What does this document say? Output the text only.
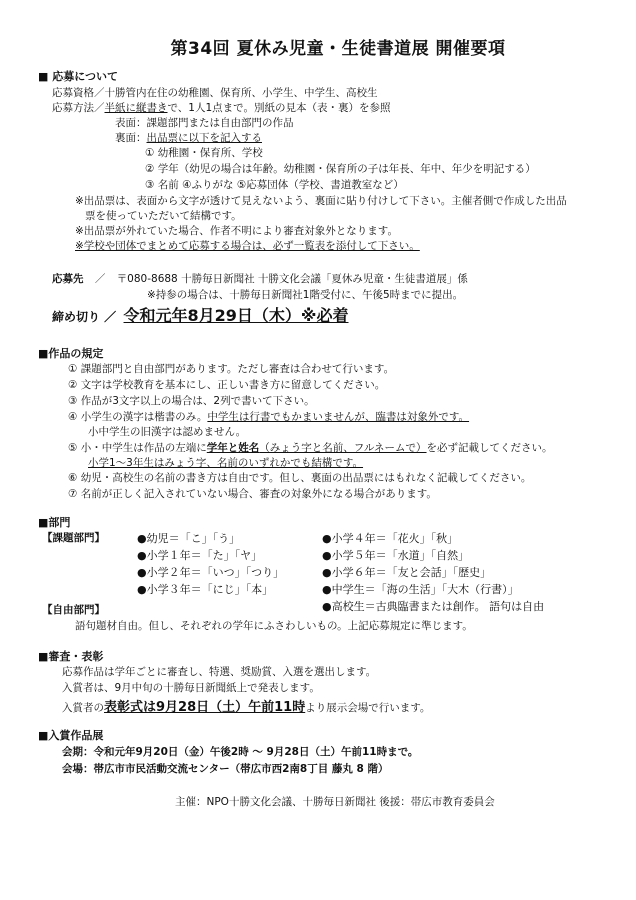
第34回 夏休み児童・生徒書道展 開催要項
■ 応募について
応募資格／十勝管内在住の幼稚園、保育所、小学生、中学生、高校生
応募方法／半紙に縦書きで、1人1点まで。別紙の見本（表・裏）を参照
表面：課題部門または自由部門の作品
裏面：出品票に以下を記入する
① 幼稚園・保育所、学校
② 学年（幼児の場合は年齢。幼稚園・保育所の子は年長、年中、年少を明記する）
③ 名前 ④ふりがな ⑤応募団体（学校、書道教室など）
※出品票は、表面から文字が透けて見えないよう、裏面に貼り付けして下さい。主催者側で作成した出品
票を使っていただいて結構です。
※出品票が外れていた場合、作者不明により審査対象外となります。
※学校や団体でまとめて応募する場合は、必ず一覧表を添付して下さい。
応募先 ／ 〒080-8688 十勝毎日新聞社 十勝文化会議「夏休み児童・生徒書道展」係
※持参の場合は、十勝毎日新聞社1階受付に、午後5時までに提出。
締め切り ／ 令和元年8月29日（木）※必着
■作品の規定
① 課題部門と自由部門があります。ただし審査は合わせて行います。
② 文字は学校教育を基本にし、正しい書き方に留意してください。
③ 作品が3文字以上の場合は、2列で書いて下さい。
④ 小学生の漢字は楷書のみ。中学生は行書でもかまいませんが、臨書は対象外です。
小中学生の旧漢字は認めません。
⑤ 小・中学生は作品の左端に学年と姓名（みょう字と名前、フルネームで）を必ず記載してください。
小学1～3年生はみょう字、名前のいずれかでも結構です。
⑥ 幼児・高校生の名前の書き方は自由です。但し、裏面の出品票にはもれなく記載してください。
⑦ 名前が正しく記入されていない場合、審査の対象外になる場合があります。
■部門
【課題部門】	●幼児＝「こ」「う」
●小学１年＝「た」「ヤ」
●小学２年＝「いつ」「つり」
●小学３年＝「にじ」「本」
●小学４年＝「花火」「秋」
●小学５年＝「水道」「自然」
●小学６年＝「友と会話」「歴史」
●中学生＝「海の生活」「大木（行書）」
●高校生＝古典臨書または創作。 語句は自由
【自由部門】
語句題材自由。但し、それぞれの学年にふさわしいもの。上記応募規定に準じます。
■審査・表彰
応募作品は学年ごとに審査し、特選、奨励賞、入選を選出します。
入賞者は、9月中旬の十勝毎日新聞紙上で発表します。
入賞者の表彰式は9月28日（土）午前11時より展示会場で行います。
■入賞作品展
会期：令和元年9月20日（金）午後2時 ～ 9月28日（土）午前11時まで。
会場：帯広市市民活動交流センター（帯広市西2南8丁目 藤丸 8 階）
主催：NPO十勝文化会議、十勝毎日新聞社 後援：帯広市教育委員会
